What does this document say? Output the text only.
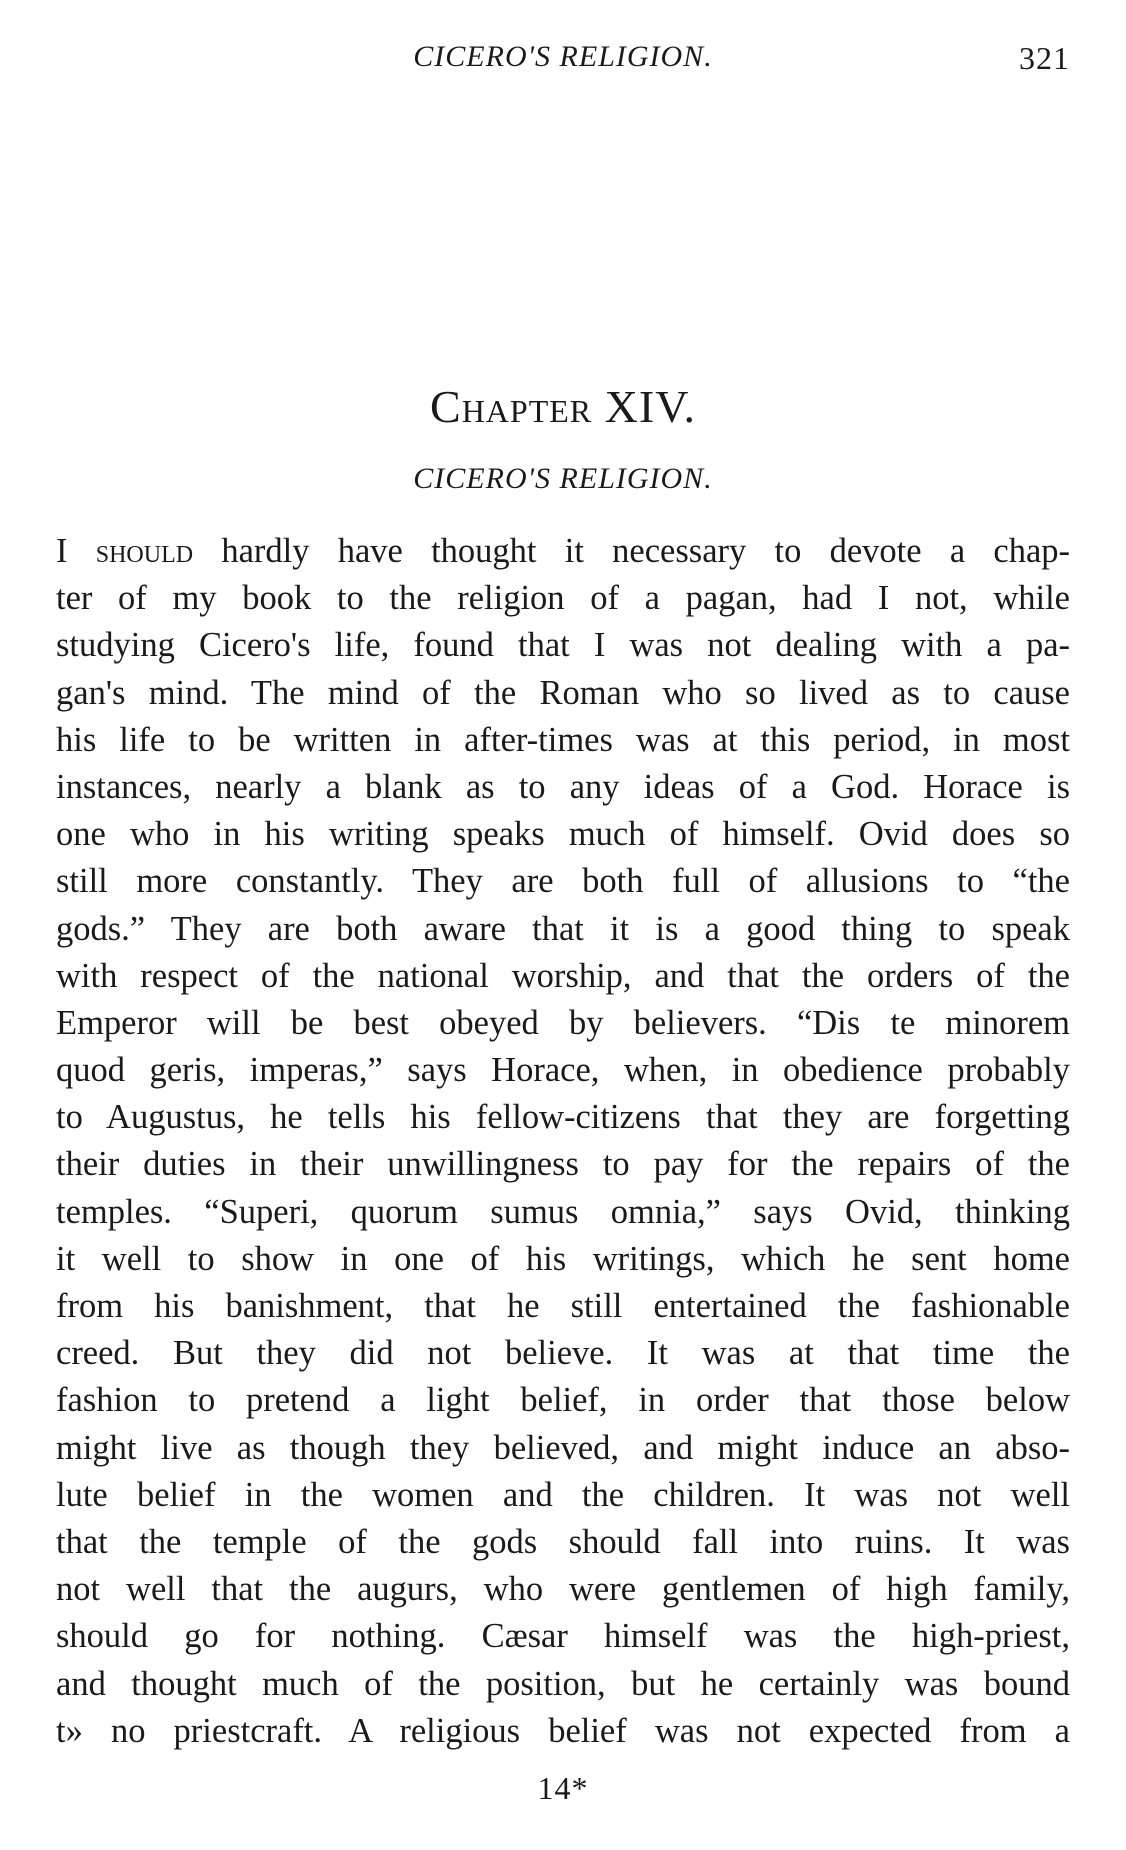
CICERO'S RELIGION.	321
Chapter XIV.
CICERO'S RELIGION.
I should hardly have thought it necessary to devote a chap-
ter of my book to the religion of a pagan, had I not, while
studying Cicero's life, found that I was not dealing with a pa-
gan's mind. The mind of the Roman who so lived as to cause
his life to be written in after-times was at this period, in most
instances, nearly a blank as to any ideas of a God. Horace is
one who in his writing speaks much of himself. Ovid does so
still more constantly. They are both full of allusions to “the
gods.” They are both aware that it is a good thing to speak
with respect of the national worship, and that the orders of the
Emperor will be best obeyed by believers. “Dis te minorem
quod geris, imperas,” says Horace, when, in obedience probably
to Augustus, he tells his fellow-citizens that they are forgetting
their duties in their unwillingness to pay for the repairs of the
temples. “Superi, quorum sumus omnia,” says Ovid, thinking
it well to show in one of his writings, which he sent home
from his banishment, that he still entertained the fashionable
creed. But they did not believe. It was at that time the
fashion to pretend a light belief, in order that those below
might live as though they believed, and might induce an abso-
lute belief in the women and the children. It was not well
that the temple of the gods should fall into ruins. It was
not well that the augurs, who were gentlemen of high family,
should go for nothing. Cæsar himself was the high-priest,
and thought much of the position, but he certainly was bound
t» no priestcraft. A religious belief was not expected from a
14*
